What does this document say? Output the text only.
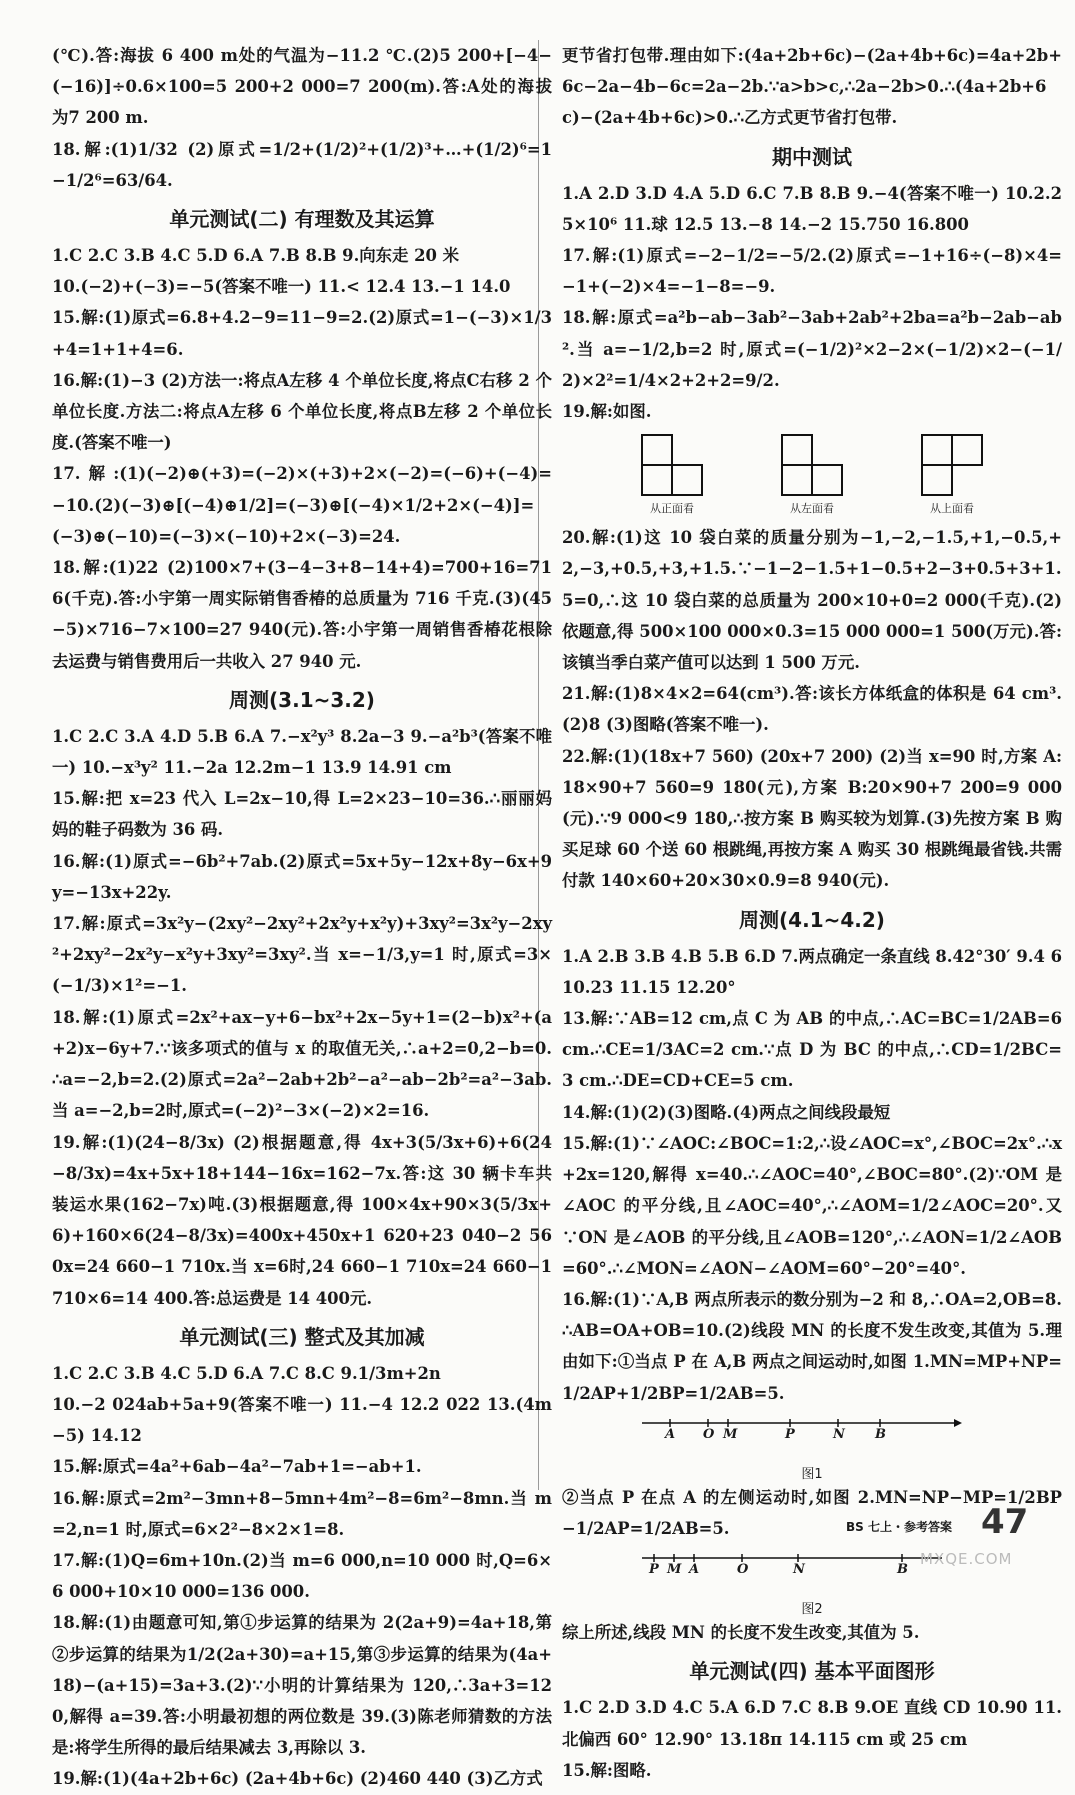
(℃).答:海拔 6 400 m处的气温为−11.2 ℃.(2)5 200+[−4−(−16)]÷0.6×100=5 200+2 000=7 200(m).答:A处的海拔为7 200 m.

18.解:(1)1/32 (2)原式=1/2+(1/2)²+(1/2)³+…+(1/2)⁶=1−1/2⁶=63/64.

单元测试(二) 有理数及其运算

1.C 2.C 3.B 4.C 5.D 6.A 7.B 8.B 9.向东走 20 米

10.(−2)+(−3)=−5(答案不唯一) 11.< 12.4 13.−1 14.0

15.解:(1)原式=6.8+4.2−9=11−9=2.(2)原式=1−(−3)×1/3+4=1+1+4=6.

16.解:(1)−3 (2)方法一:将点A左移 4 个单位长度,将点C右移 2 个单位长度.方法二:将点A左移 6 个单位长度,将点B左移 2 个单位长度.(答案不唯一)

17.解:(1)(−2)⊕(+3)=(−2)×(+3)+2×(−2)=(−6)+(−4)=−10.(2)(−3)⊕[(−4)⊕1/2]=(−3)⊕[(−4)×1/2+2×(−4)]=(−3)⊕(−10)=(−3)×(−10)+2×(−3)=24.

18.解:(1)22 (2)100×7+(3−4−3+8−14+4)=700+16=716(千克).答:小宇第一周实际销售香椿的总质量为 716 千克.(3)(45−5)×716−7×100=27 940(元).答:小宇第一周销售香椿花根除去运费与销售费用后一共收入 27 940 元.

周测(3.1~3.2)

1.C 2.C 3.A 4.D 5.B 6.A 7.−x²y³ 8.2a−3 9.−a²b³(答案不唯一) 10.−x³y² 11.−2a 12.2m−1 13.9 14.91 cm

15.解:把 x=23 代入 L=2x−10,得 L=2×23−10=36.∴丽丽妈妈的鞋子码数为 36 码.

16.解:(1)原式=−6b²+7ab.(2)原式=5x+5y−12x+8y−6x+9y=−13x+22y.

17.解:原式=3x²y−(2xy²−2xy²+2x²y+x²y)+3xy²=3x²y−2xy²+2xy²−2x²y−x²y+3xy²=3xy².当 x=−1/3,y=1 时,原式=3×(−1/3)×1²=−1.

18.解:(1)原式=2x²+ax−y+6−bx²+2x−5y+1=(2−b)x²+(a+2)x−6y+7.∵该多项式的值与 x 的取值无关,∴a+2=0,2−b=0.∴a=−2,b=2.(2)原式=2a²−2ab+2b²−a²−ab−2b²=a²−3ab.当 a=−2,b=2时,原式=(−2)²−3×(−2)×2=16.

19.解:(1)(24−8/3x) (2)根据题意,得 4x+3(5/3x+6)+6(24−8/3x)=4x+5x+18+144−16x=162−7x.答:这 30 辆卡车共装运水果(162−7x)吨.(3)根据题意,得 100×4x+90×3(5/3x+6)+160×6(24−8/3x)=400x+450x+1 620+23 040−2 560x=24 660−1 710x.当 x=6时,24 660−1 710x=24 660−1 710×6=14 400.答:总运费是 14 400元.

单元测试(三) 整式及其加减

1.C 2.C 3.B 4.C 5.D 6.A 7.C 8.C 9.1/3m+2n

10.−2 024ab+5a+9(答案不唯一) 11.−4 12.2 022 13.(4m−5) 14.12

15.解:原式=4a²+6ab−4a²−7ab+1=−ab+1.

16.解:原式=2m²−3mn+8−5mn+4m²−8=6m²−8mn.当 m=2,n=1 时,原式=6×2²−8×2×1=8.

17.解:(1)Q=6m+10n.(2)当 m=6 000,n=10 000 时,Q=6×6 000+10×10 000=136 000.

18.解:(1)由题意可知,第①步运算的结果为 2(2a+9)=4a+18,第②步运算的结果为1/2(2a+30)=a+15,第③步运算的结果为(4a+18)−(a+15)=3a+3.(2)∵小明的计算结果为 120,∴3a+3=120,解得 a=39.答:小明最初想的两位数是 39.(3)陈老师猜数的方法是:将学生所得的最后结果减去 3,再除以 3.

19.解:(1)(4a+2b+6c) (2a+4b+6c) (2)460 440 (3)乙方式

更节省打包带.理由如下:(4a+2b+6c)−(2a+4b+6c)=4a+2b+6c−2a−4b−6c=2a−2b.∵a>b>c,∴2a−2b>0.∴(4a+2b+6c)−(2a+4b+6c)>0.∴乙方式更节省打包带.

期中测试

1.A 2.D 3.D 4.A 5.D 6.C 7.B 8.B 9.−4(答案不唯一) 10.2.25×10⁶ 11.球 12.5 13.−8 14.−2 15.750 16.800

17.解:(1)原式=−2−1/2=−5/2.(2)原式=−1+16÷(−8)×4=−1+(−2)×4=−1−8=−9.

18.解:原式=a²b−ab−3ab²−3ab+2ab²+2ba=a²b−2ab−ab².当 a=−1/2,b=2 时,原式=(−1/2)²×2−2×(−1/2)×2−(−1/2)×2²=1/4×2+2+2=9/2.

19.解:如图.

从正面看	从左面看	从上面看

20.解:(1)这 10 袋白菜的质量分别为−1,−2,−1.5,+1,−0.5,+2,−3,+0.5,+3,+1.5.∵−1−2−1.5+1−0.5+2−3+0.5+3+1.5=0,∴这 10 袋白菜的总质量为 200×10+0=2 000(千克).(2)依题意,得 500×100 000×0.3=15 000 000=1 500(万元).答:该镇当季白菜产值可以达到 1 500 万元.

21.解:(1)8×4×2=64(cm³).答:该长方体纸盒的体积是 64 cm³.(2)8 (3)图略(答案不唯一).

22.解:(1)(18x+7 560) (20x+7 200) (2)当 x=90 时,方案 A:18×90+7 560=9 180(元),方案 B:20×90+7 200=9 000(元).∵9 000<9 180,∴按方案 B 购买较为划算.(3)先按方案 B 购买足球 60 个送 60 根跳绳,再按方案 A 购买 30 根跳绳最省钱.共需付款 140×60+20×30×0.9=8 940(元).

周测(4.1~4.2)

1.A 2.B 3.B 4.B 5.B 6.D 7.两点确定一条直线 8.42°30′ 9.4 6 10.23 11.15 12.20°

13.解:∵AB=12 cm,点 C 为 AB 的中点,∴AC=BC=1/2AB=6 cm.∴CE=1/3AC=2 cm.∵点 D 为 BC 的中点,∴CD=1/2BC=3 cm.∴DE=CD+CE=5 cm.

14.解:(1)(2)(3)图略.(4)两点之间线段最短

15.解:(1)∵∠AOC:∠BOC=1:2,∴设∠AOC=x°,∠BOC=2x°.∴x+2x=120,解得 x=40.∴∠AOC=40°,∠BOC=80°.(2)∵OM 是∠AOC 的平分线,且∠AOC=40°,∴∠AOM=1/2∠AOC=20°.又∵ON 是∠AOB 的平分线,且∠AOB=120°,∴∠AON=1/2∠AOB=60°.∴∠MON=∠AON−∠AOM=60°−20°=40°.

16.解:(1)∵A,B 两点所表示的数分别为−2 和 8,∴OA=2,OB=8.∴AB=OA+OB=10.(2)线段 MN 的长度不发生改变,其值为 5.理由如下:①当点 P 在 A,B 两点之间运动时,如图 1.MN=MP+NP=1/2AP+1/2BP=1/2AB=5.

A O M	P	N B
图1

②当点 P 在点 A 的左侧运动时,如图 2.MN=NP−MP=1/2BP−1/2AP=1/2AB=5.

P M A	O	N	B
图2

综上所述,线段 MN 的长度不发生改变,其值为 5.

单元测试(四) 基本平面图形

1.C 2.D 3.D 4.C 5.A 6.D 7.C 8.B 9.OE 直线 CD 10.90 11.北偏西 60° 12.90° 13.18π 14.115 cm 或 25 cm

15.解:图略.

BS 七上・参考答案 47
MXQE.COM
